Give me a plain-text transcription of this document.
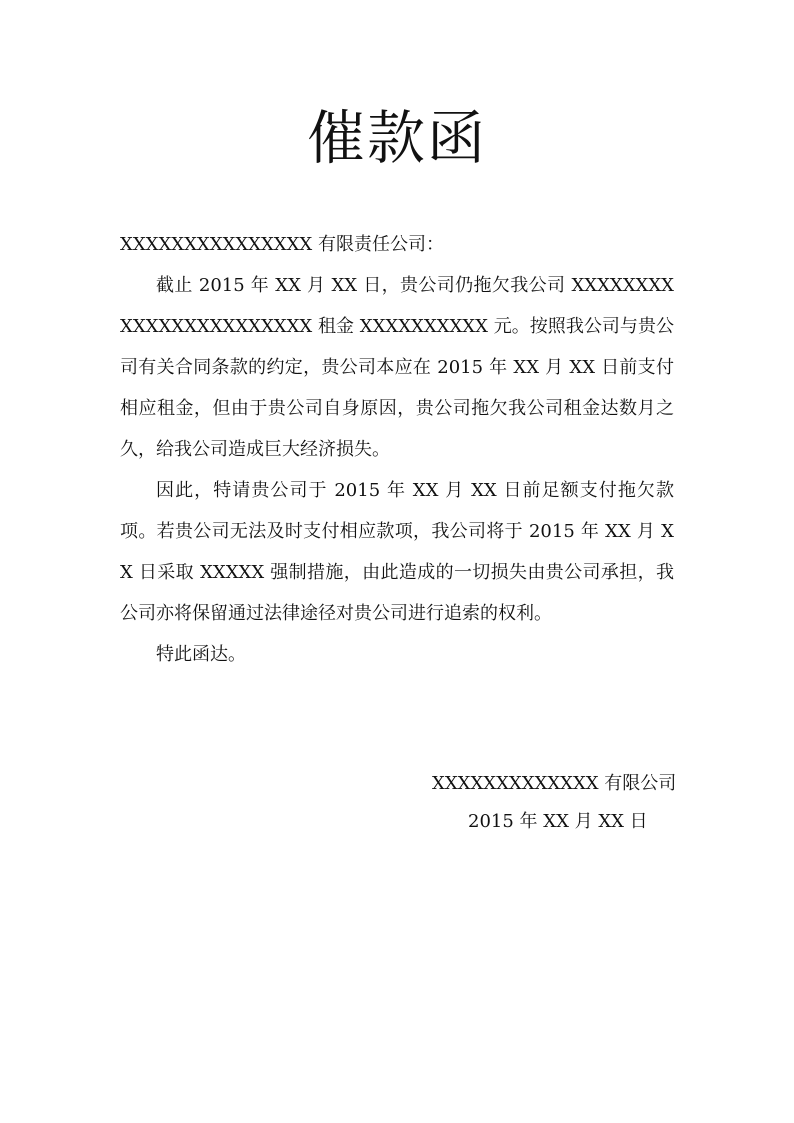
催款函

XXXXXXXXXXXXXXX 有限责任公司：

截止 2015 年 XX 月 XX 日，贵公司仍拖欠我公司 XXXXXXXXXXXXXXXXXXXXXXX 租金 XXXXXXXXXX 元。按照我公司与贵公司有关合同条款的约定，贵公司本应在 2015 年 XX 月 XX 日前支付相应租金，但由于贵公司自身原因，贵公司拖欠我公司租金达数月之久，给我公司造成巨大经济损失。

因此，特请贵公司于 2015 年 XX 月 XX 日前足额支付拖欠款项。若贵公司无法及时支付相应款项，我公司将于 2015 年 XX 月 XX 日采取 XXXXX 强制措施，由此造成的一切损失由贵公司承担，我公司亦将保留通过法律途径对贵公司进行追索的权利。

特此函达。

XXXXXXXXXXXXX 有限公司
2015 年 XX 月 XX 日
